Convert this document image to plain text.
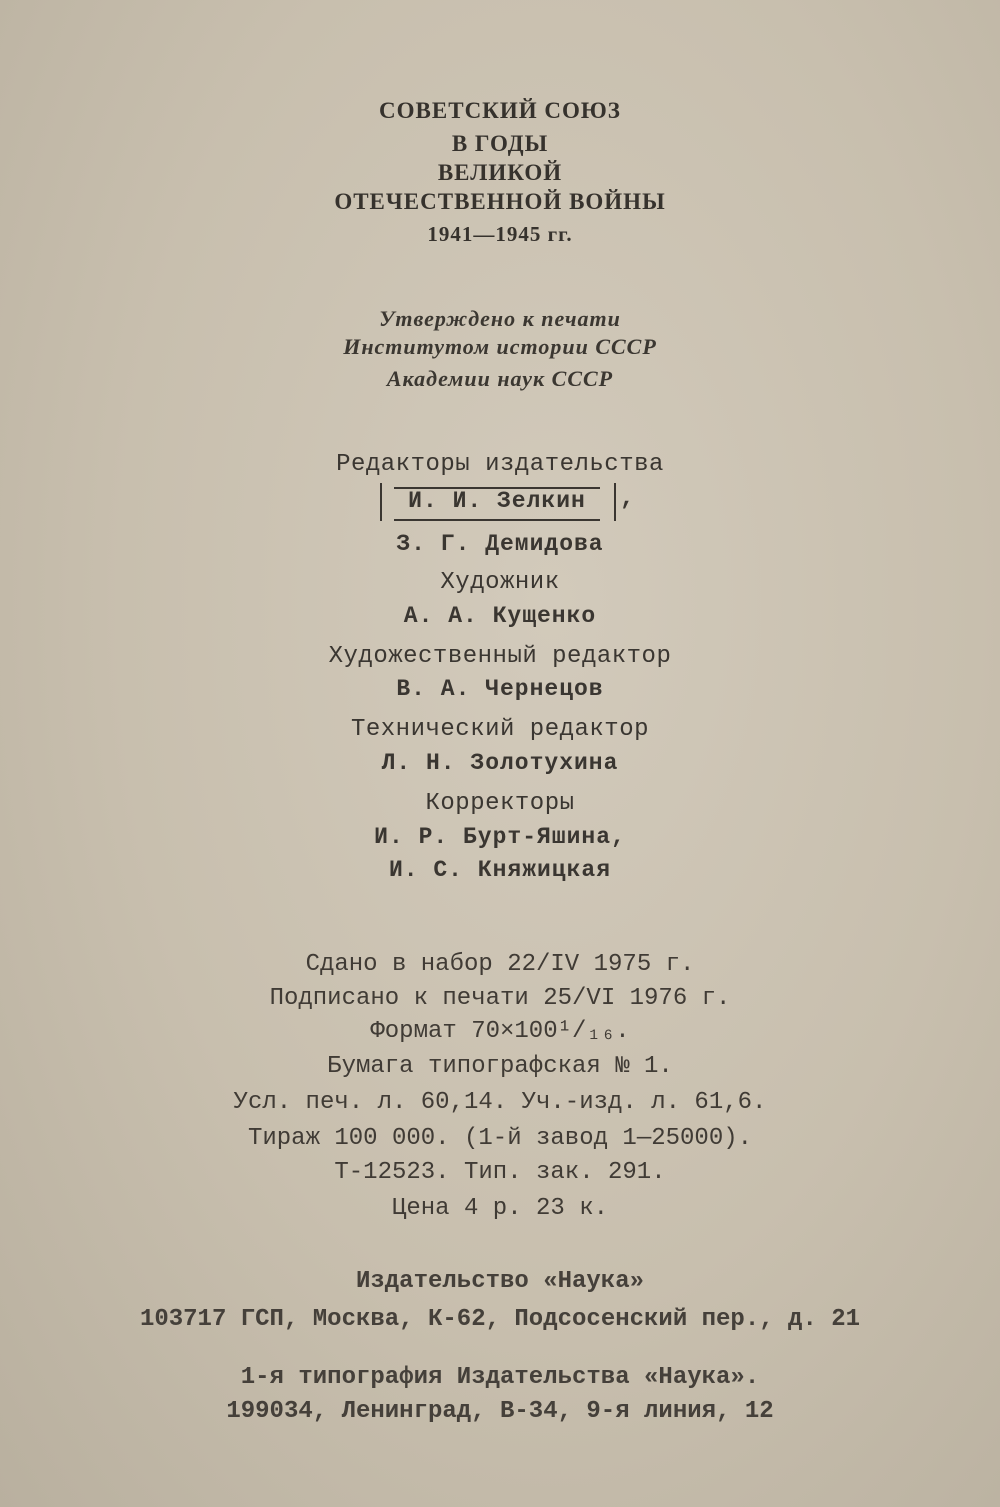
СОВЕТСКИЙ СОЮЗ
В ГОДЫ
ВЕЛИКОЙ
ОТЕЧЕСТВЕННОЙ ВОЙНЫ
1941—1945 гг.
Утверждено к печати
Институтом истории СССР
Академии наук СССР
Редакторы издательства
И. И. Зелкин	,
З. Г. Демидова
Художник
А. А. Кущенко
Художественный редактор
В. А. Чернецов
Технический редактор
Л. Н. Золотухина
Корректоры
И. Р. Бурт-Яшина,
И. С. Княжицкая
Сдано в набор 22/IV 1975 г.
Подписано к печати 25/VI 1976 г.
Формат 70×100¹/₁₆.
Бумага типографская № 1.
Усл. печ. л. 60,14. Уч.-изд. л. 61,6.
Тираж 100 000. (1-й завод 1—25000).
Т-12523. Тип. зак. 291.
Цена 4 р. 23 к.
Издательство «Наука»
103717 ГСП, Москва, К-62, Подсосенский пер., д. 21
1-я типография Издательства «Наука».
199034, Ленинград, В-34, 9-я линия, 12
